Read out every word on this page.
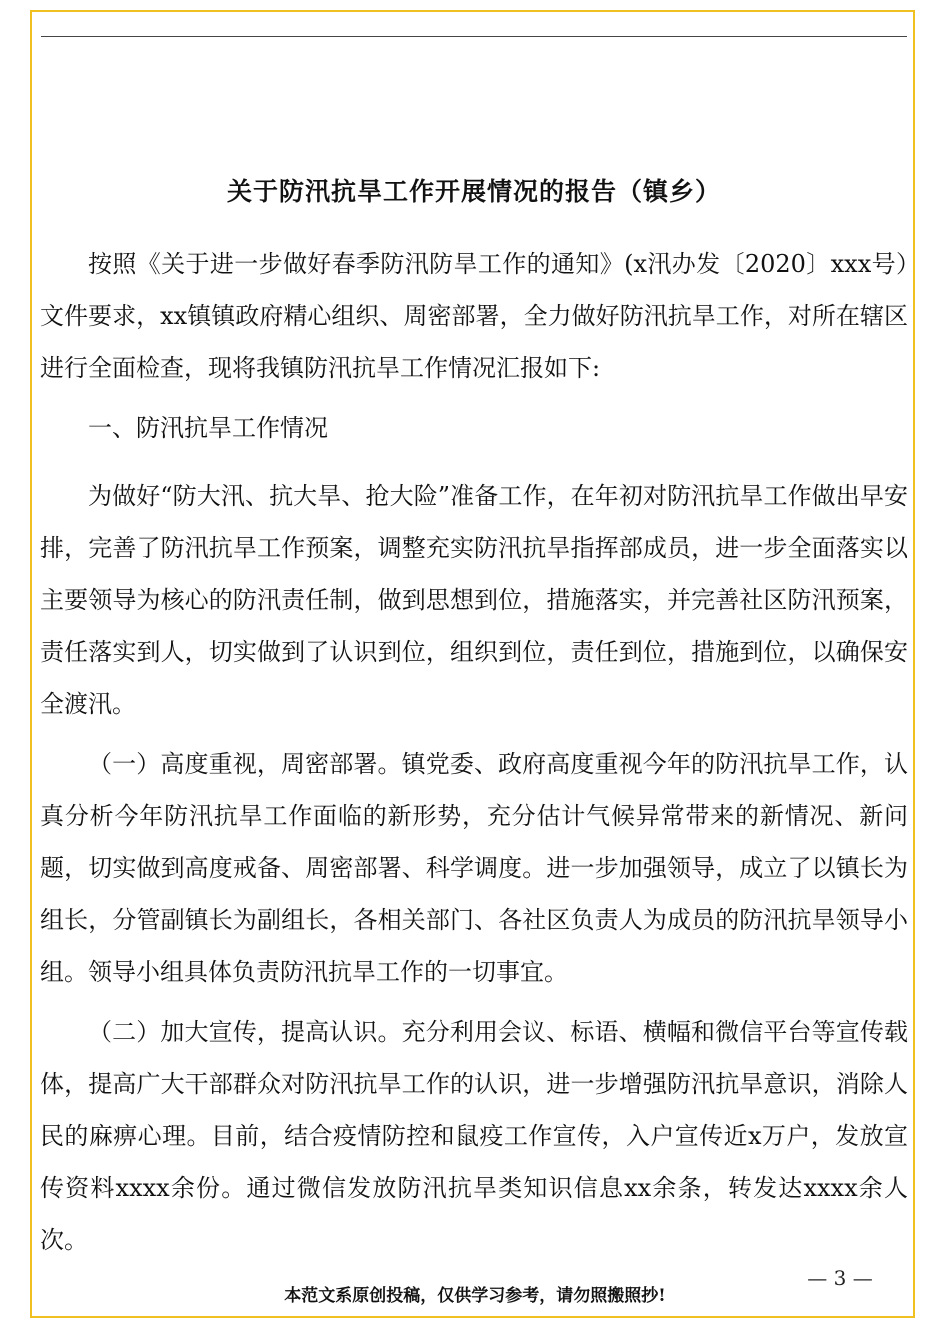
关于防汛抗旱工作开展情况的报告（镇乡）

按照《关于进一步做好春季防汛防旱工作的通知》(x汛办发〔2020〕xxx号）文件要求，xx镇镇政府精心组织、周密部署，全力做好防汛抗旱工作，对所在辖区进行全面检查，现将我镇防汛抗旱工作情况汇报如下:

一、防汛抗旱工作情况

为做好“防大汛、抗大旱、抢大险”准备工作，在年初对防汛抗旱工作做出早安排，完善了防汛抗旱工作预案，调整充实防汛抗旱指挥部成员，进一步全面落实以主要领导为核心的防汛责任制，做到思想到位，措施落实，并完善社区防汛预案，责任落实到人，切实做到了认识到位，组织到位，责任到位，措施到位，以确保安全渡汛。

（一）高度重视，周密部署。镇党委、政府高度重视今年的防汛抗旱工作，认真分析今年防汛抗旱工作面临的新形势，充分估计气候异常带来的新情况、新问题，切实做到高度戒备、周密部署、科学调度。进一步加强领导，成立了以镇长为组长，分管副镇长为副组长，各相关部门、各社区负责人为成员的防汛抗旱领导小组。领导小组具体负责防汛抗旱工作的一切事宜。

（二）加大宣传，提高认识。充分利用会议、标语、横幅和微信平台等宣传载体，提高广大干部群众对防汛抗旱工作的认识，进一步增强防汛抗旱意识，消除人民的麻痹心理。目前，结合疫情防控和鼠疫工作宣传，入户宣传近x万户，发放宣传资料xxxx余份。通过微信发放防汛抗旱类知识信息xx余条，转发达xxxx余人次。

— 3 —
本范文系原创投稿，仅供学习参考，请勿照搬照抄!
